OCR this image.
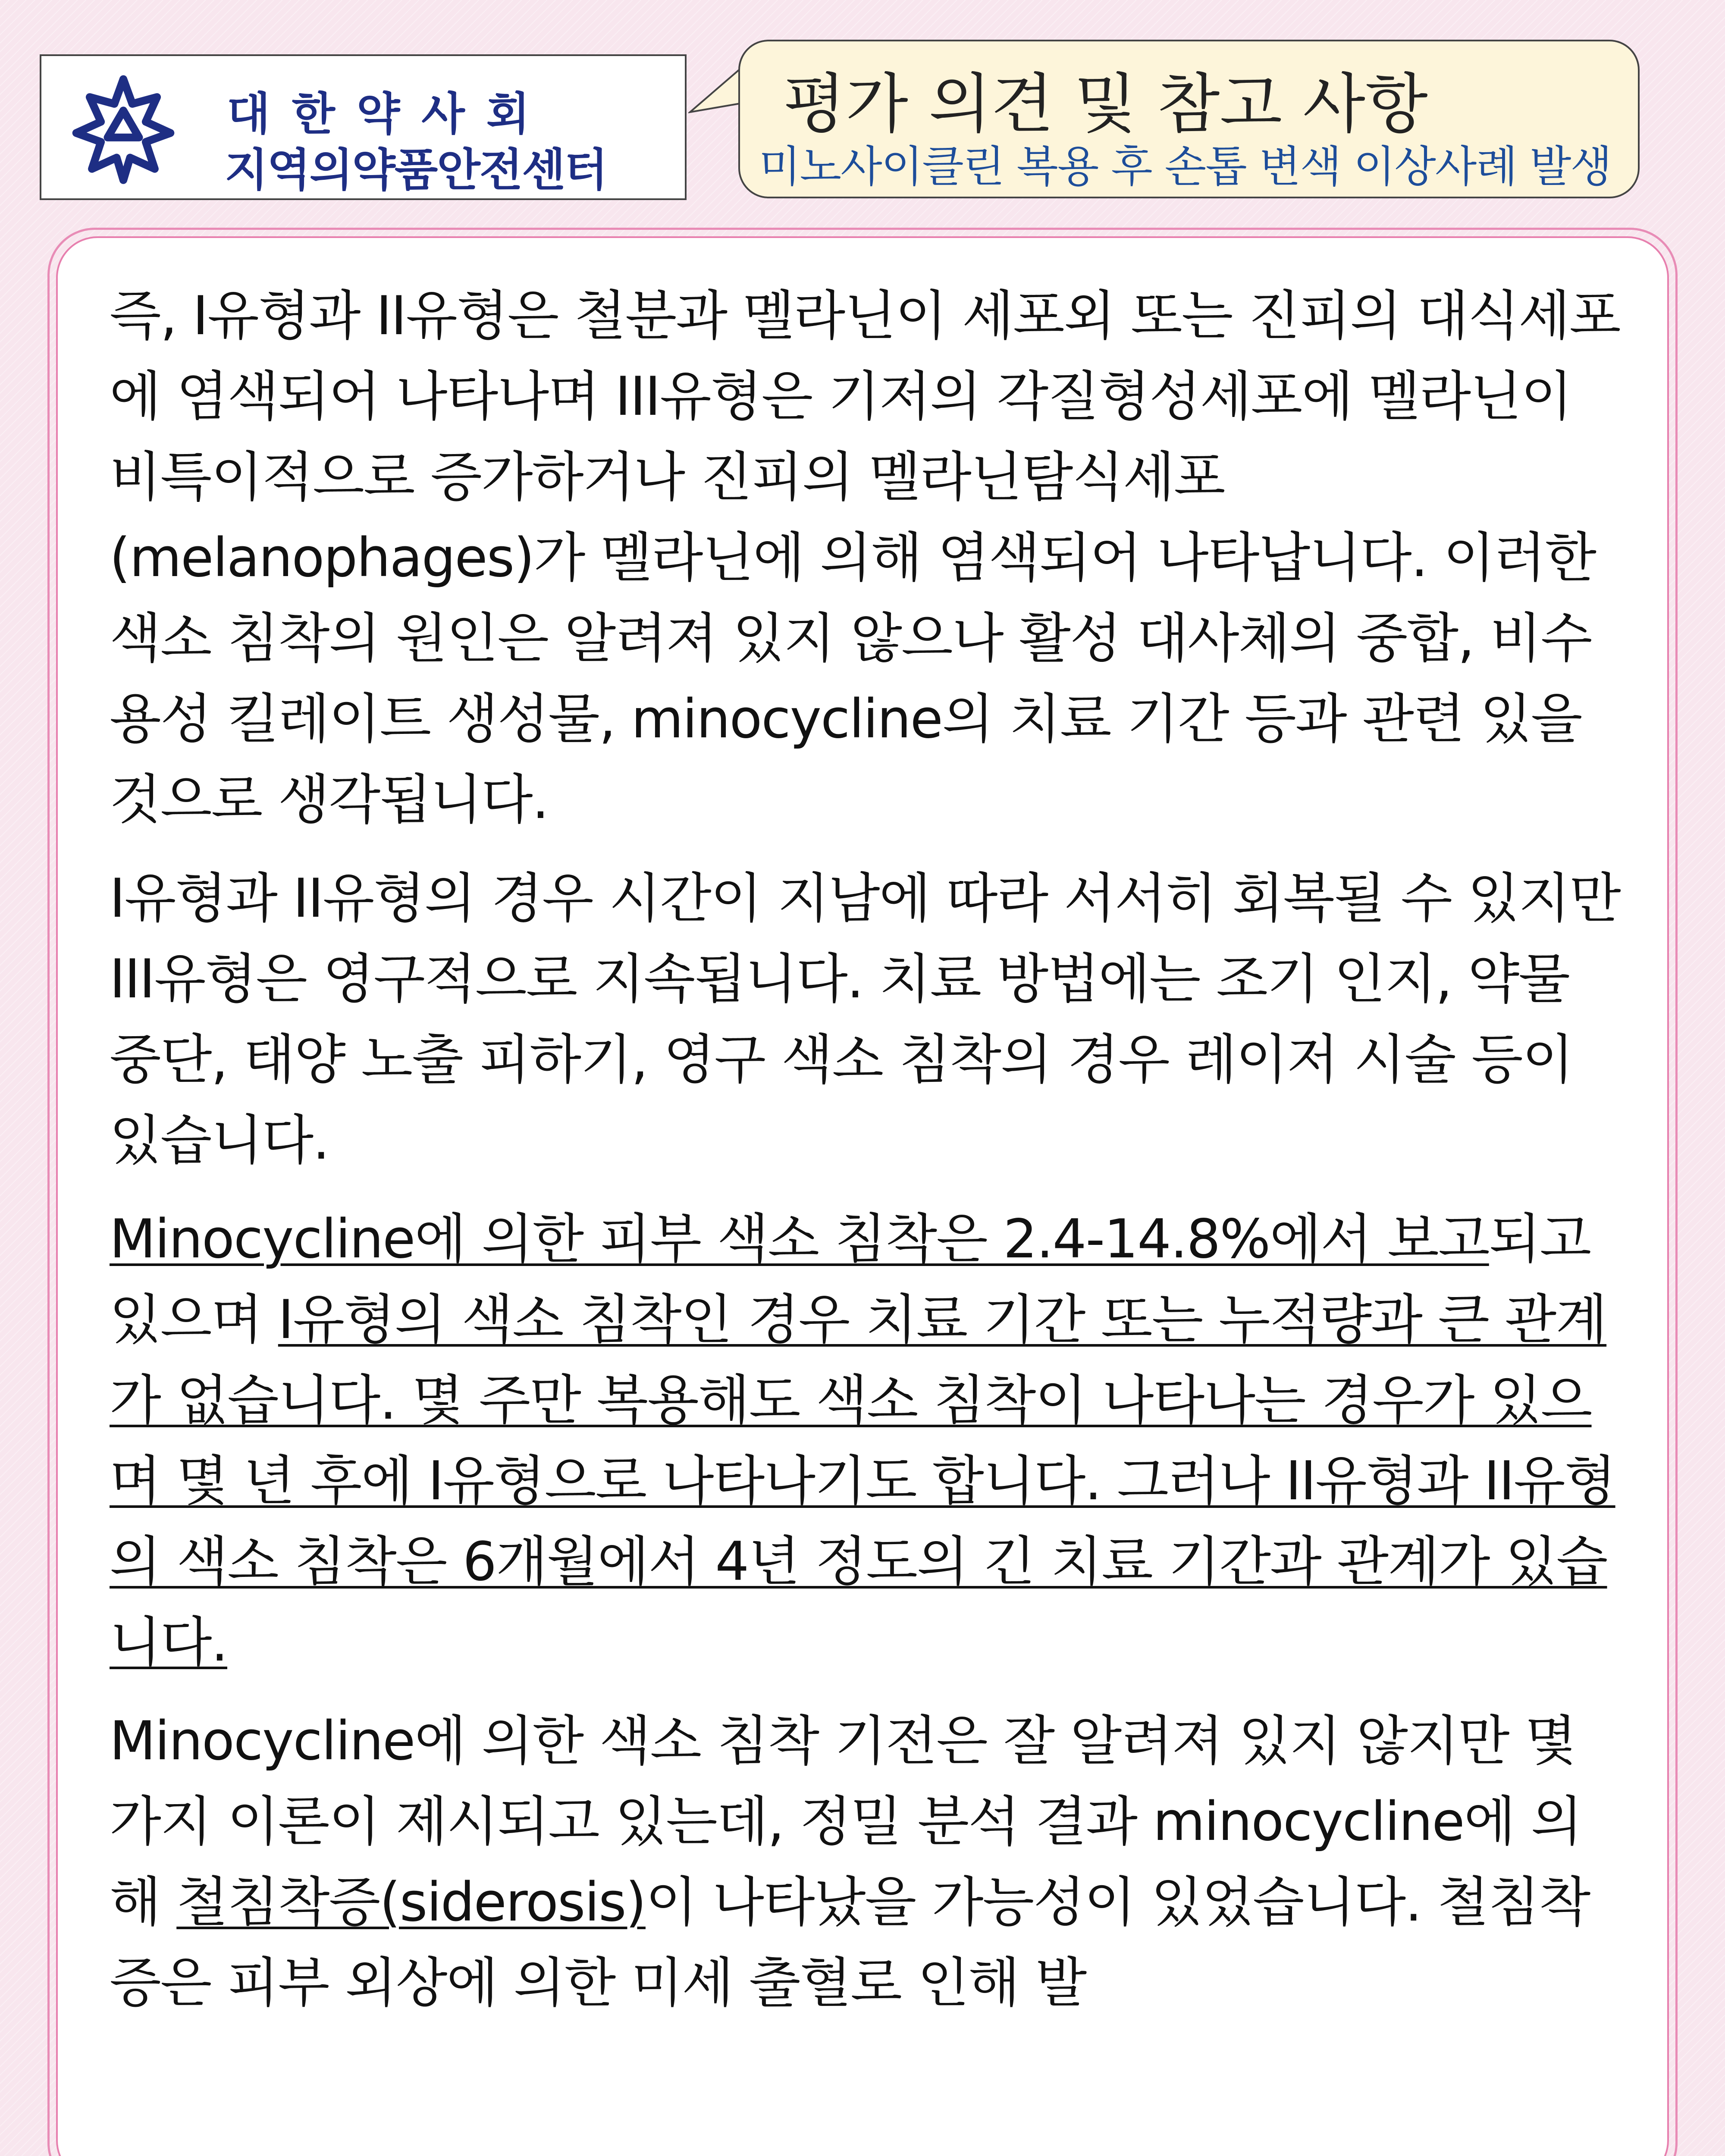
대한약사회
지역의약품안전센터
평가 의견 및 참고 사항
미노사이클린 복용 후 손톱 변색 이상사례 발생

즉, I유형과 II유형은 철분과 멜라닌이 세포외 또는 진피의 대식세포에 염색되어 나타나며 III유형은 기저의 각질형성세포에 멜라닌이 비특이적으로 증가하거나 진피의 멜라닌탐식세포(melanophages)가 멜라닌에 의해 염색되어 나타납니다. 이러한 색소 침착의 원인은 알려져 있지 않으나 활성 대사체의 중합, 비수용성 킬레이트 생성물, minocycline의 치료 기간 등과 관련 있을 것으로 생각됩니다.

I유형과 II유형의 경우 시간이 지남에 따라 서서히 회복될 수 있지만 III유형은 영구적으로 지속됩니다. 치료 방법에는 조기 인지, 약물 중단, 태양 노출 피하기, 영구 색소 침착의 경우 레이저 시술 등이 있습니다.

Minocycline에 의한 피부 색소 침착은 2.4-14.8%에서 보고되고 있으며 I유형의 색소 침착인 경우 치료 기간 또는 누적량과 큰 관계가 없습니다. 몇 주만 복용해도 색소 침착이 나타나는 경우가 있으며 몇 년 후에 I유형으로 나타나기도 합니다. 그러나 II유형과 II유형의 색소 침착은 6개월에서 4년 정도의 긴 치료 기간과 관계가 있습니다.

Minocycline에 의한 색소 침착 기전은 잘 알려져 있지 않지만 몇 가지 이론이 제시되고 있는데, 정밀 분석 결과 minocycline에 의해 철침착증(siderosis)이 나타났을 가능성이 있었습니다. 철침착증은 피부 외상에 의한 미세 출혈로 인해 발
